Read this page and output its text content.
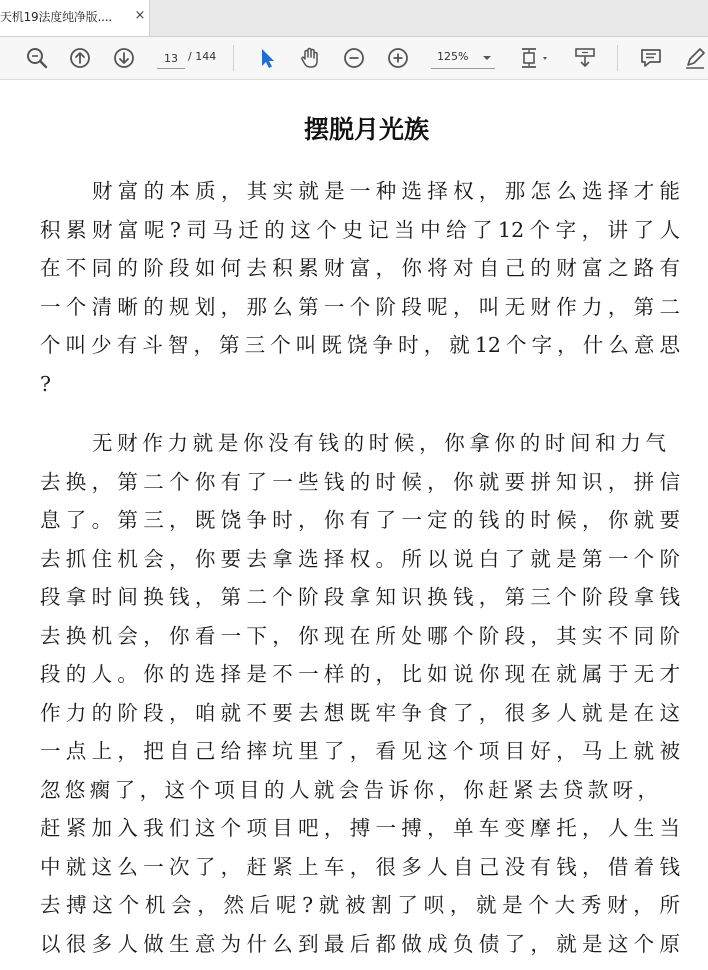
天机19法度纯净版....	×
13
/ 144	125%
摆脱月光族
财富的本质，其实就是一种选择权，那怎么选择才能
积累财富呢?司马迁的这个史记当中给了12个字，讲了人
在不同的阶段如何去积累财富，你将对自己的财富之路有
一个清晰的规划，那么第一个阶段呢，叫无财作力，第二
个叫少有斗智，第三个叫既饶争时，就12个字，什么意思
?
无财作力就是你没有钱的时候，你拿你的时间和力气
去换，第二个你有了一些钱的时候，你就要拼知识，拼信
息了。第三，既饶争时，你有了一定的钱的时候，你就要
去抓住机会，你要去拿选择权。所以说白了就是第一个阶
段拿时间换钱，第二个阶段拿知识换钱，第三个阶段拿钱
去换机会，你看一下，你现在所处哪个阶段，其实不同阶
段的人。你的选择是不一样的，比如说你现在就属于无才
作力的阶段，咱就不要去想既牢争食了，很多人就是在这
一点上，把自己给摔坑里了，看见这个项目好，马上就被
忽悠瘸了，这个项目的人就会告诉你，你赶紧去贷款呀，
赶紧加入我们这个项目吧，搏一搏，单车变摩托，人生当
中就这么一次了，赶紧上车，很多人自己没有钱，借着钱
去搏这个机会，然后呢?就被割了呗，就是个大秀财，所
以很多人做生意为什么到最后都做成负债了，就是这个原
